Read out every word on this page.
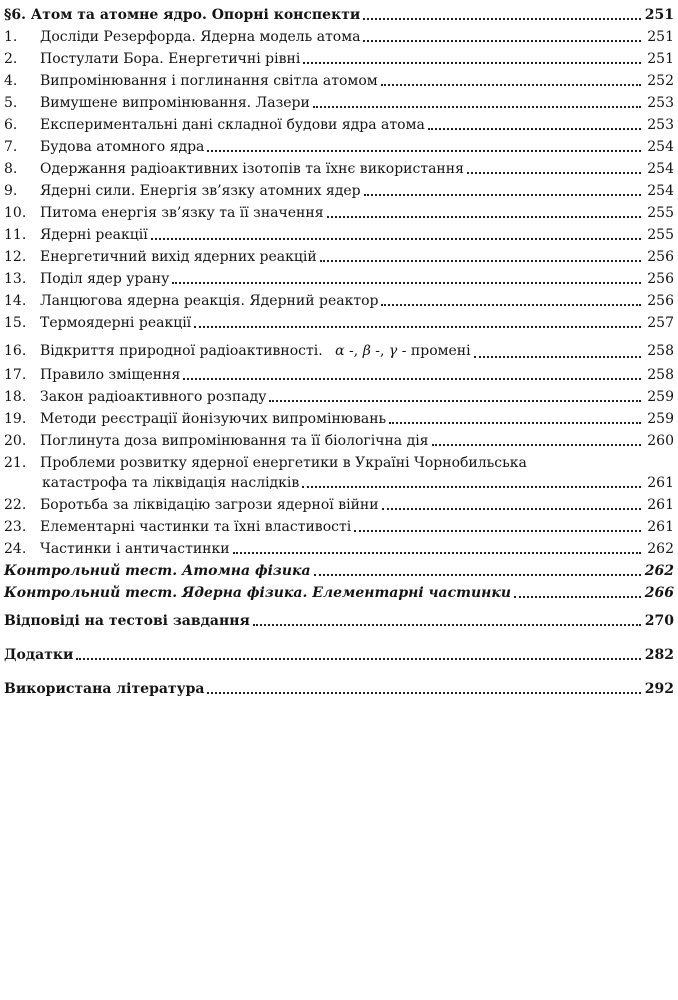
§6. Атом та атомне ядро. Опорні конспекти	251
1.	Досліди Резерфорда. Ядерна модель атома	251
2.	Постулати Бора. Енергетичні рівні	251
4.	Випромінювання і поглинання світла атомом	252
5.	Вимушене випромінювання. Лазери	253
6.	Експериментальні дані складної будови ядра атома	253
7.	Будова атомного ядра	254
8.	Одержання радіоактивних ізотопів та їхнє використання	254
9.	Ядерні сили. Енергія зв’язку атомних ядер	254
10. Питома енергія зв’язку та її значення	255
11. Ядерні реакції	255
12. Енергетичний вихід ядерних реакцій	256
13. Поділ ядер урану	256
14. Ланцюгова ядерна реакція. Ядерний реактор	256
15. Термоядерні реакції	257
16. Відкриття природної радіоактивності. α -, β -, γ - промені	258
17. Правило зміщення	258
18. Закон радіоактивного розпаду	259
19. Методи реєстрації йонізуючих випромінювань	259
20. Поглинута доза випромінювання та її біологічна дія	260
21. Проблеми розвитку ядерної енергетики в Україні Чорнобильська
катастрофа та ліквідація наслідків	261
22. Боротьба за ліквідацію загрози ядерної війни	261
23. Елементарні частинки та їхні властивості	261
24. Частинки і античастинки	262
Контрольний тест. Атомна фізика	262
Контрольний тест. Ядерна фізика. Елементарні частинки	266
Відповіді на тестові завдання	270
Додатки	282
Використана література	292
